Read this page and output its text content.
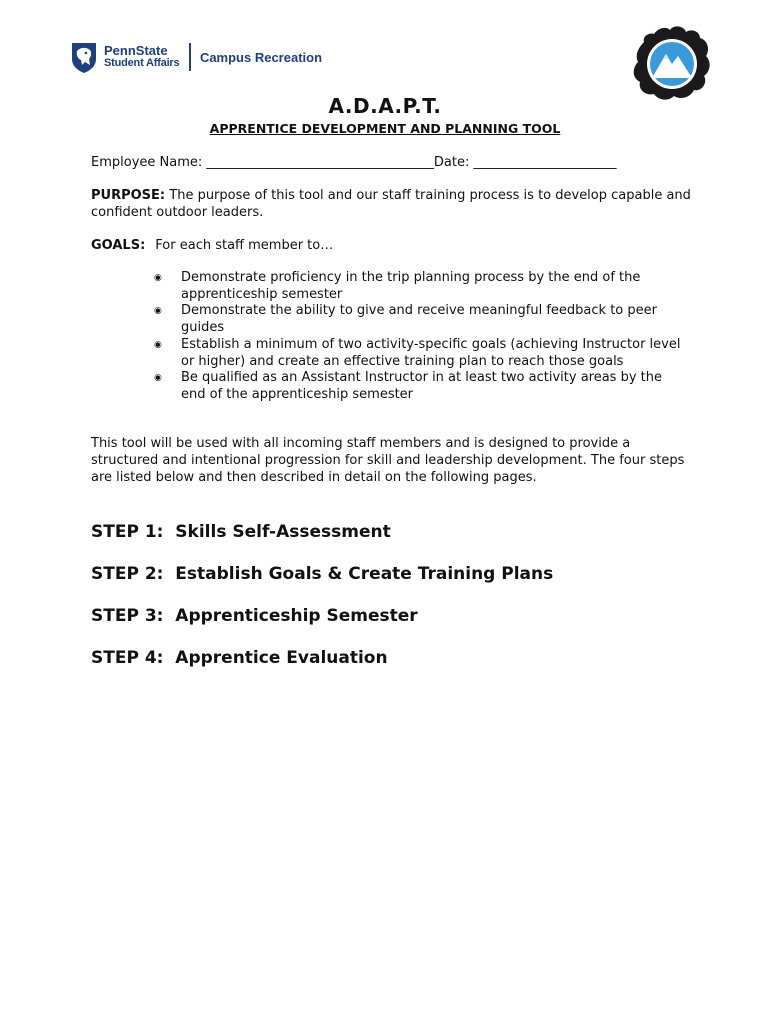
PennState
Student Affairs Campus Recreation
A.D.A.P.T.
APPRENTICE DEVELOPMENT AND PLANNING TOOL
Employee Name: ___________________________________Date: ______________________
PURPOSE: The purpose of this tool and our staff training process is to develop capable and confident outdoor leaders.
GOALS: For each staff member to…
◉ Demonstrate proficiency in the trip planning process by the end of the apprenticeship semester
◉ Demonstrate the ability to give and receive meaningful feedback to peer guides
◉ Establish a minimum of two activity-specific goals (achieving Instructor level or higher) and create an effective training plan to reach those goals
◉ Be qualified as an Assistant Instructor in at least two activity areas by the end of the apprenticeship semester
This tool will be used with all incoming staff members and is designed to provide a structured and intentional progression for skill and leadership development. The four steps are listed below and then described in detail on the following pages.
STEP 1:  Skills Self-Assessment
STEP 2:  Establish Goals & Create Training Plans
STEP 3:  Apprenticeship Semester
STEP 4:  Apprentice Evaluation
